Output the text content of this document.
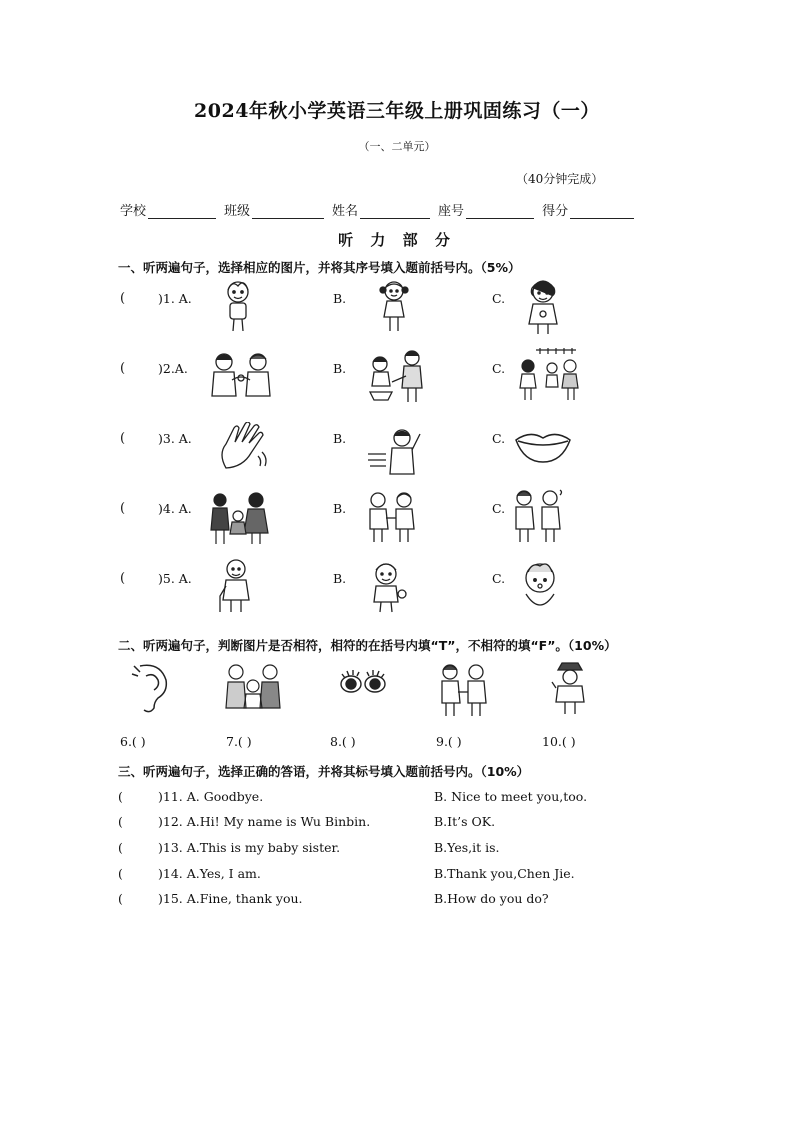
2024年秋小学英语三年级上册巩固练习（一）
（一、二单元）
（40分钟完成）
学校	班级	姓名	座号	得分
听 力 部 分
一、听两遍句子，选择相应的图片，并将其序号填入题前括号内。（5%）
(	)1. A.	B.	C.
(	)2.A.	B.	C.
(	)3. A.	B.	C.
(	)4. A.	B.	C.
(	)5. A.	B.	C.
二、听两遍句子，判断图片是否相符，相符的在括号内填“T”，不相符的填“F”。（10%）
6.( )	7.( )	8.( )	9.( )	10.( )
三、听两遍句子，选择正确的答语，并将其标号填入题前括号内。（10%）
(	)11. A. Goodbye.	B. Nice to meet you,too.
(	)12. A.Hi! My name is Wu Binbin.	B.It’s OK.
(	)13. A.This is my baby sister.	B.Yes,it is.
(	)14. A.Yes, I am.	B.Thank you,Chen Jie.
(	)15. A.Fine, thank you.	B.How do you do?
